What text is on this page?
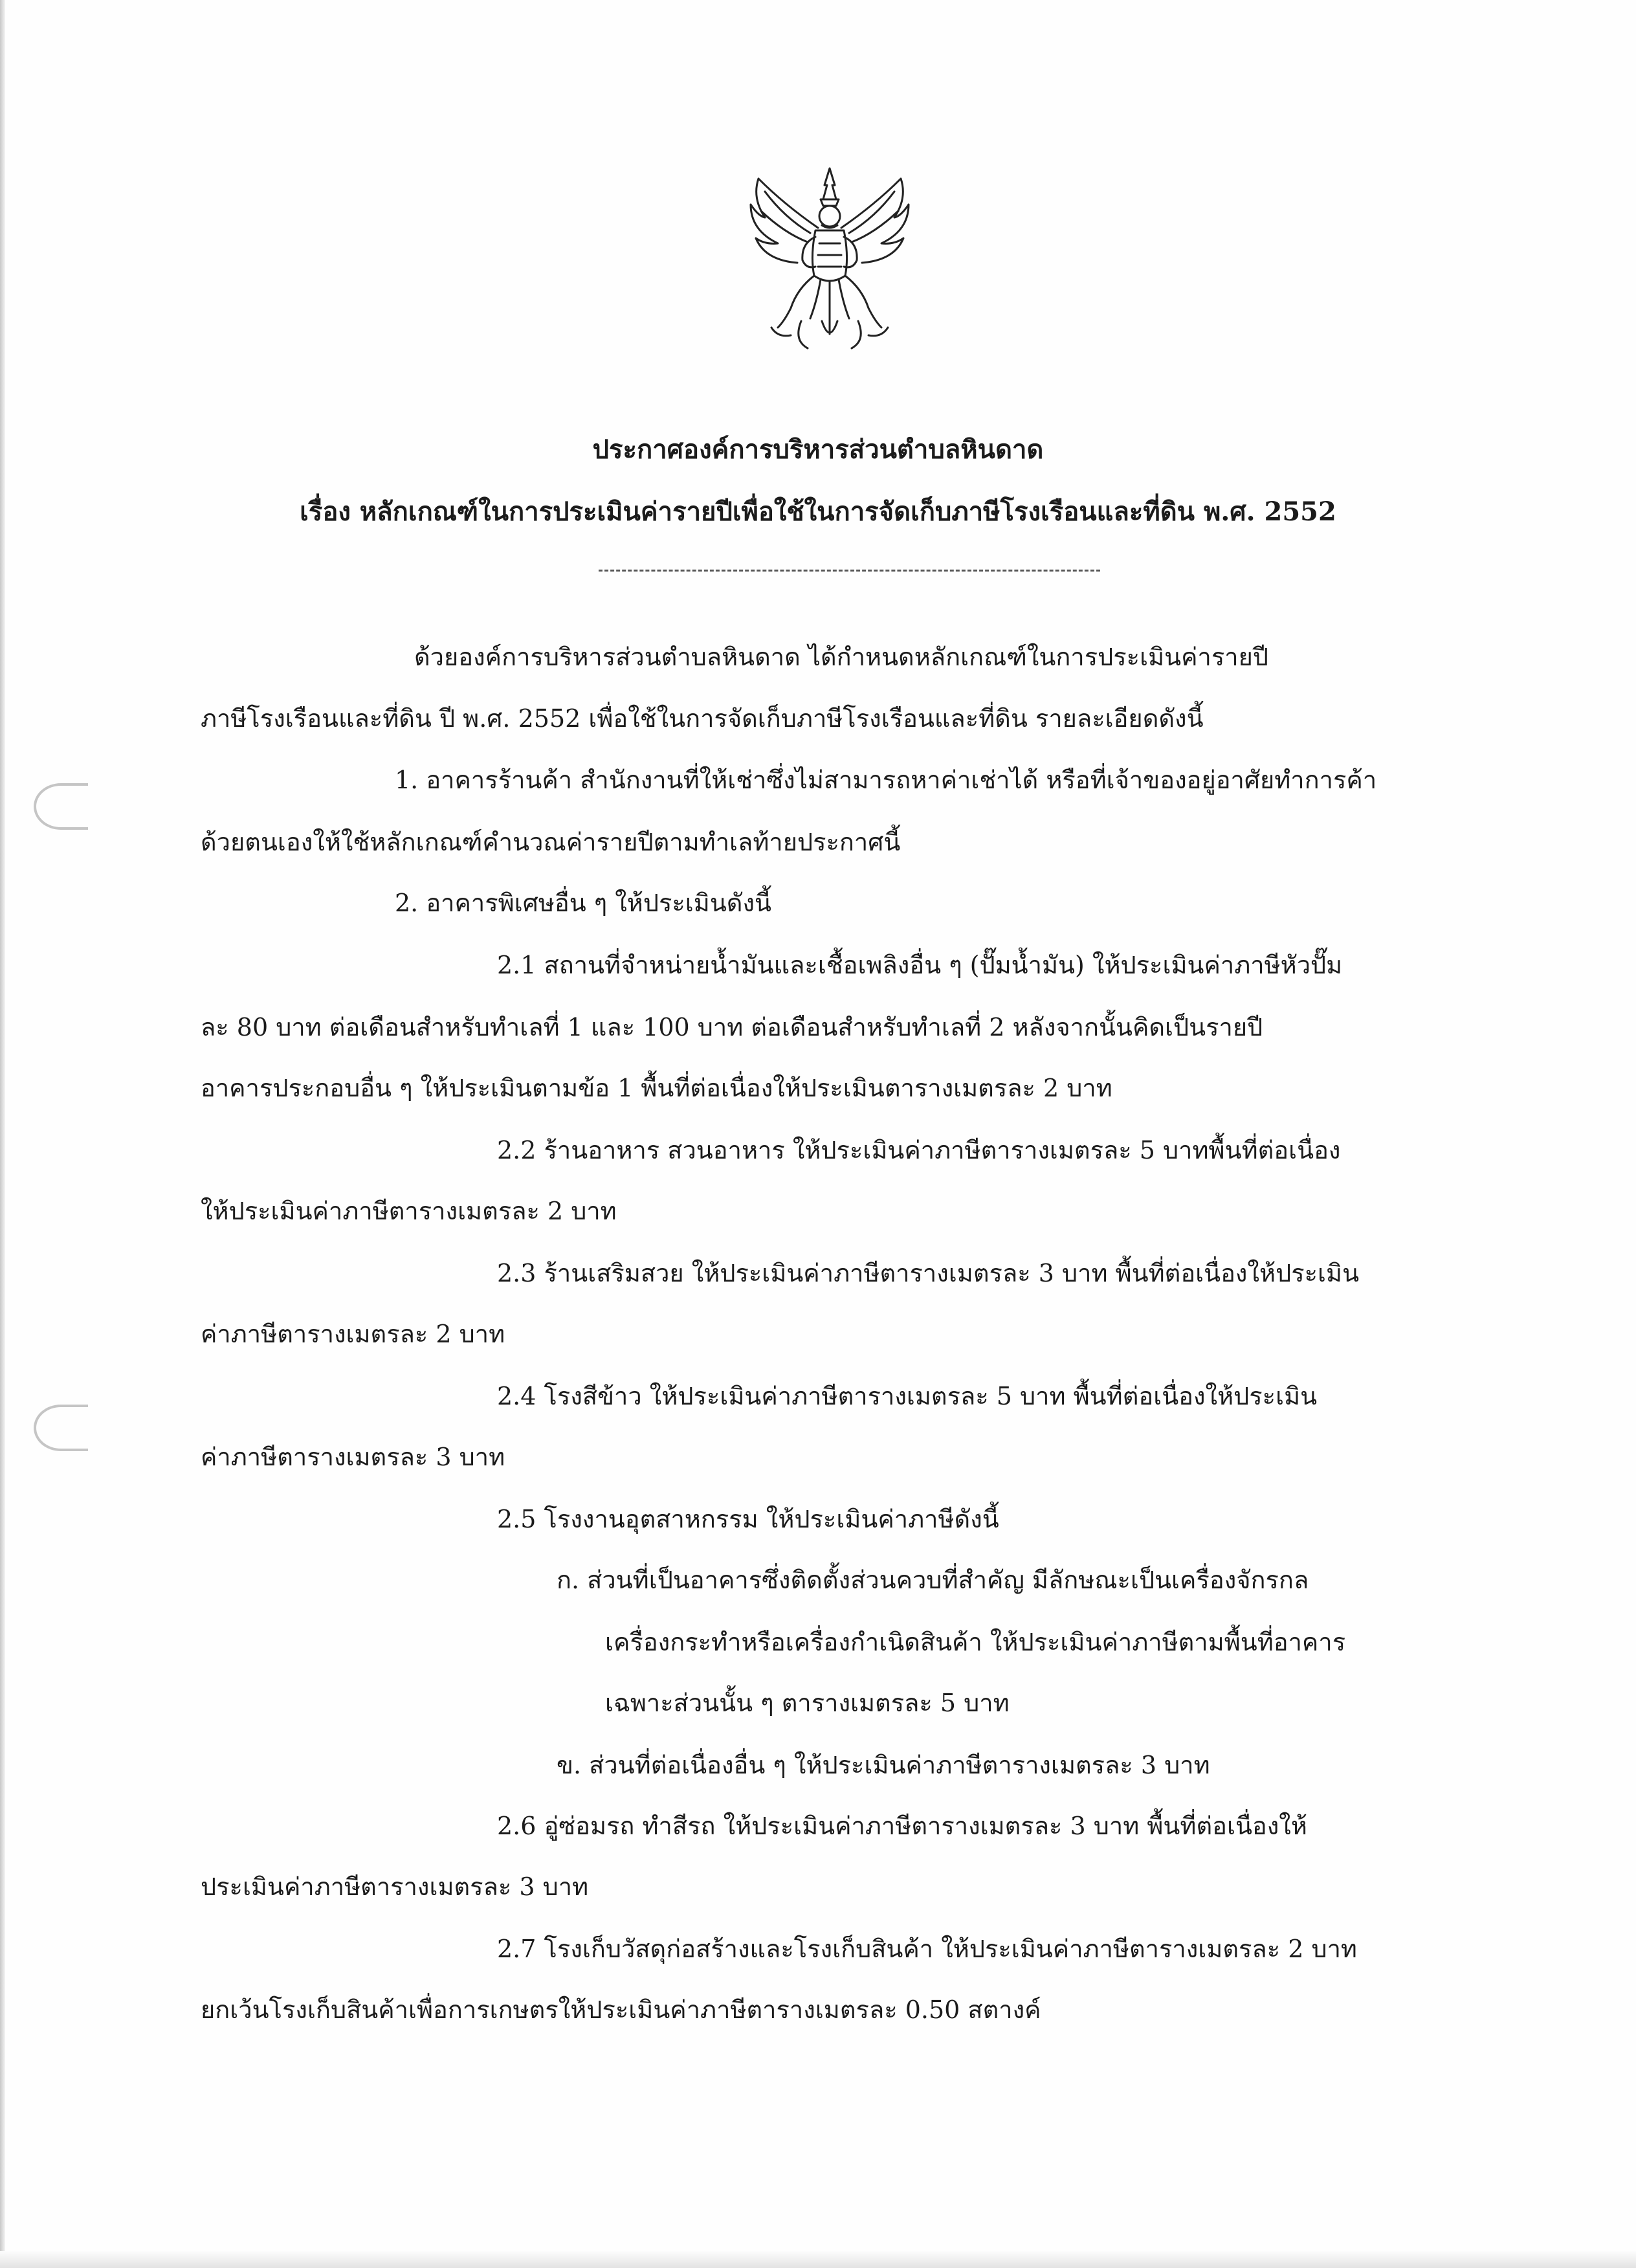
ประกาศองค์การบริหารส่วนตำบลหินดาด
เรื่อง หลักเกณฑ์ในการประเมินค่ารายปีเพื่อใช้ในการจัดเก็บภาษีโรงเรือนและที่ดิน พ.ศ. 2552
ด้วยองค์การบริหารส่วนตำบลหินดาด ได้กำหนดหลักเกณฑ์ในการประเมินค่ารายปี
ภาษีโรงเรือนและที่ดิน ปี พ.ศ. 2552 เพื่อใช้ในการจัดเก็บภาษีโรงเรือนและที่ดิน รายละเอียดดังนี้
1. อาคารร้านค้า สำนักงานที่ให้เช่าซึ่งไม่สามารถหาค่าเช่าได้ หรือที่เจ้าของอยู่อาศัยทำการค้า
ด้วยตนเองให้ใช้หลักเกณฑ์คำนวณค่ารายปีตามทำเลท้ายประกาศนี้
2. อาคารพิเศษอื่น ๆ ให้ประเมินดังนี้
2.1 สถานที่จำหน่ายน้ำมันและเชื้อเพลิงอื่น ๆ (ปั๊มน้ำมัน) ให้ประเมินค่าภาษีหัวปั๊ม
ละ 80 บาท ต่อเดือนสำหรับทำเลที่ 1 และ 100 บาท ต่อเดือนสำหรับทำเลที่ 2 หลังจากนั้นคิดเป็นรายปี
อาคารประกอบอื่น ๆ ให้ประเมินตามข้อ 1 พื้นที่ต่อเนื่องให้ประเมินตารางเมตรละ 2 บาท
2.2 ร้านอาหาร สวนอาหาร ให้ประเมินค่าภาษีตารางเมตรละ 5 บาทพื้นที่ต่อเนื่อง
ให้ประเมินค่าภาษีตารางเมตรละ 2 บาท
2.3 ร้านเสริมสวย ให้ประเมินค่าภาษีตารางเมตรละ 3 บาท พื้นที่ต่อเนื่องให้ประเมิน
ค่าภาษีตารางเมตรละ 2 บาท
2.4 โรงสีข้าว ให้ประเมินค่าภาษีตารางเมตรละ 5 บาท พื้นที่ต่อเนื่องให้ประเมิน
ค่าภาษีตารางเมตรละ 3 บาท
2.5 โรงงานอุตสาหกรรม ให้ประเมินค่าภาษีดังนี้
ก. ส่วนที่เป็นอาคารซึ่งติดตั้งส่วนควบที่สำคัญ มีลักษณะเป็นเครื่องจักรกล
เครื่องกระทำหรือเครื่องกำเนิดสินค้า ให้ประเมินค่าภาษีตามพื้นที่อาคาร
เฉพาะส่วนนั้น ๆ ตารางเมตรละ 5 บาท
ข. ส่วนที่ต่อเนื่องอื่น ๆ ให้ประเมินค่าภาษีตารางเมตรละ 3 บาท
2.6 อู่ซ่อมรถ ทำสีรถ ให้ประเมินค่าภาษีตารางเมตรละ 3 บาท พื้นที่ต่อเนื่องให้
ประเมินค่าภาษีตารางเมตรละ 3 บาท
2.7 โรงเก็บวัสดุก่อสร้างและโรงเก็บสินค้า ให้ประเมินค่าภาษีตารางเมตรละ 2 บาท
ยกเว้นโรงเก็บสินค้าเพื่อการเกษตรให้ประเมินค่าภาษีตารางเมตรละ 0.50 สตางค์
